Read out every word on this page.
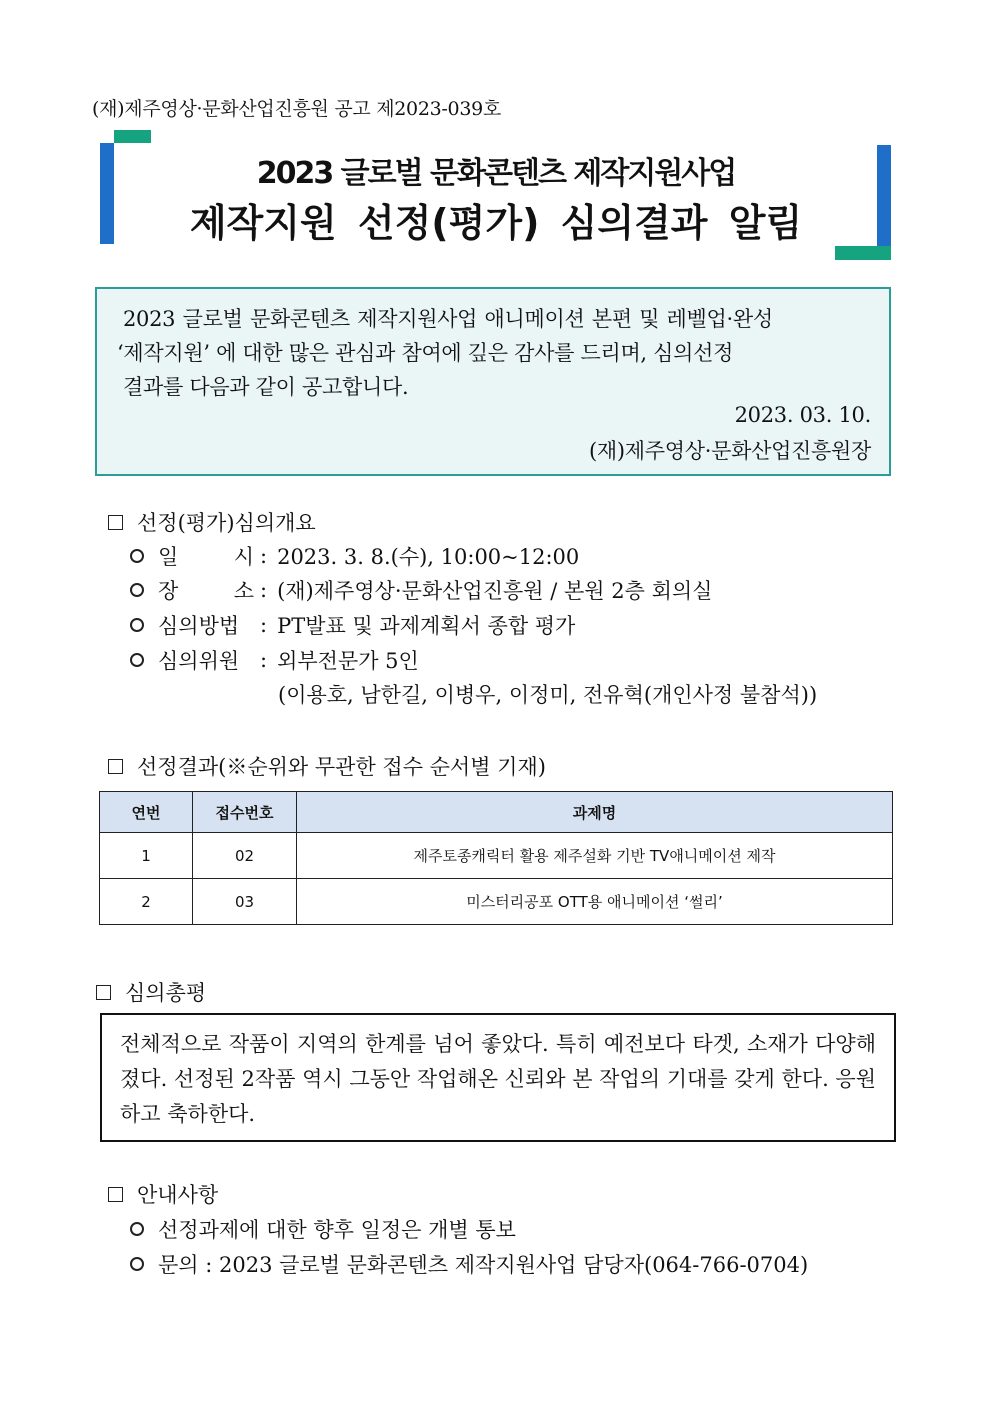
(재)제주영상·문화산업진흥원 공고 제2023-039호
2023 글로벌 문화콘텐츠 제작지원사업
제작지원 선정(평가) 심의결과 알림
2023 글로벌 문화콘텐츠 제작지원사업 애니메이션 본편 및 레벨업·완성
‘제작지원’ 에 대한 많은 관심과 참여에 깊은 감사를 드리며, 심의선정
결과를 다음과 같이 공고합니다.
2023. 03. 10.
(재)제주영상·문화산업진흥원장
선정(평가)심의개요
일	시 : 2023. 3. 8.(수), 10:00~12:00
장	소 : (재)제주영상·문화산업진흥원 / 본원 2층 회의실
심의방법 : PT발표 및 과제계획서 종합 평가
심의위원 : 외부전문가 5인
(이용호, 남한길, 이병우, 이정미, 전유혁(개인사정 불참석))
선정결과(※순위와 무관한 접수 순서별 기재)
연번	접수번호	과제명
1	02	제주토종캐릭터 활용 제주설화 기반 TV애니메이션 제작
2	03	미스터리공포 OTT용 애니메이션 ‘썰리’
심의총평
전체적으로 작품이 지역의 한계를 넘어 좋았다. 특히 예전보다 타겟, 소재가 다양해졌다. 선정된 2작품 역시 그동안 작업해온 신뢰와 본 작업의 기대를 갖게 한다. 응원하고 축하한다.
안내사항
선정과제에 대한 향후 일정은 개별 통보
문의 : 2023 글로벌 문화콘텐츠 제작지원사업 담당자(064-766-0704)
